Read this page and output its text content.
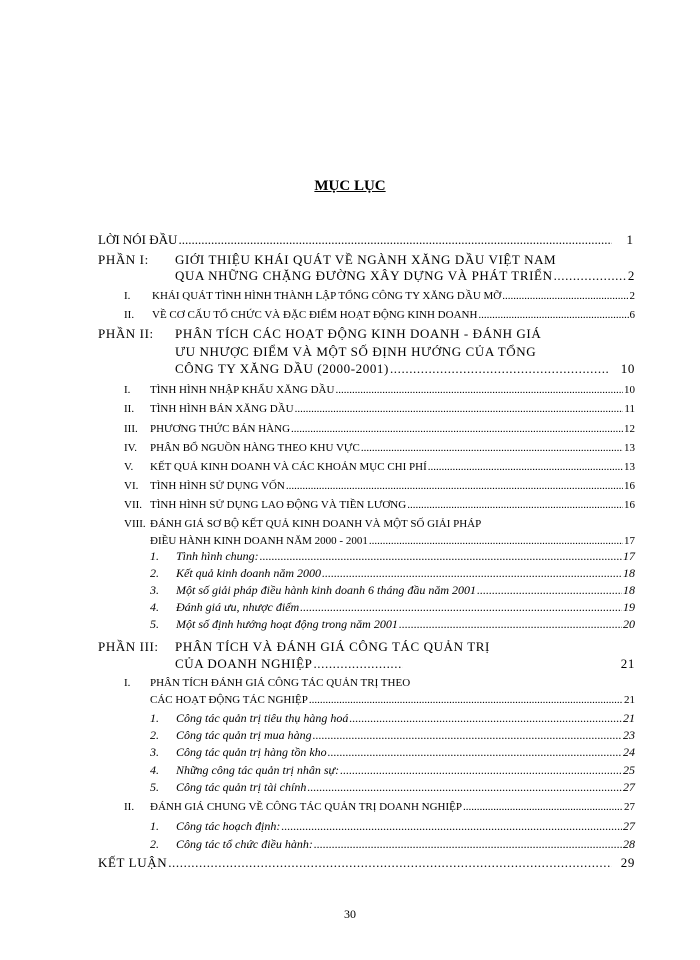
MỤC LỤC
LỜI NÓI ĐẦU .....	1
PHẦN I: GIỚI THIỆU KHÁI QUÁT VỀ NGÀNH XĂNG DẦU VIỆT NAM
QUA NHỮNG CHẶNG ĐƯỜNG XÂY DỰNG VÀ PHÁT TRIỂN .....	2
I.	KHÁI QUÁT TÌNH HÌNH THÀNH LẬP TỔNG CÔNG TY XĂNG DẦU MỠ .....	2
II.	VỀ CƠ CẤU TỔ CHỨC VÀ ĐẶC ĐIỂM HOẠT ĐỘNG KINH DOANH .....	6
PHẦN II: PHÂN TÍCH CÁC HOẠT ĐỘNG KINH DOANH - ĐÁNH GIÁ
ƯU NHƯỢC ĐIỂM VÀ MỘT SỐ ĐỊNH HƯỚNG CỦA TỔNG
CÔNG TY XĂNG DẦU (2000-2001) .....	10
I.	TÌNH HÌNH NHẬP KHẨU XĂNG DẦU .....	10
II.	TÌNH HÌNH BÁN XĂNG DẦU .....	11
III.	PHƯƠNG THỨC BÁN HÀNG .....	12
IV.	PHÂN BỔ NGUỒN HÀNG THEO KHU VỰC .....	13
V.	KẾT QUẢ KINH DOANH VÀ CÁC KHOẢN MỤC CHI PHÍ .....	13
VI.	TÌNH HÌNH SỬ DỤNG VỐN .....	16
VII. TÌNH HÌNH SỬ DỤNG LAO ĐỘNG VÀ TIỀN LƯƠNG .....	16
VIII. ĐÁNH GIÁ SƠ BỘ KẾT QUẢ KINH DOANH VÀ MỘT SỐ GIẢI PHÁP
ĐIỀU HÀNH KINH DOANH NĂM 2000 - 2001 .....	17
1.	Tình hình chung: .....	17
2.	Kết quả kinh doanh năm 2000 .....	18
3.	Một số giải pháp điều hành kinh doanh 6 tháng đầu năm 2001 .....	18
4.	Đánh giá ưu, nhược điểm .....	19
5.	Một số định hướng hoạt động trong năm 2001 .....	20
PHẦN III: PHÂN TÍCH VÀ ĐÁNH GIÁ CÔNG TÁC QUẢN TRỊ
CỦA DOANH NGHIỆP .....	21
I. PHÂN TÍCH ĐÁNH GIÁ CÔNG TÁC QUẢN TRỊ THEO
CÁC HOẠT ĐỘNG TÁC NGHIỆP .....	21
1.	Công tác quản trị tiêu thụ hàng hoá .....	21
2.	Công tác quản trị mua hàng .....	23
3.	Công tác quản trị hàng tồn kho .....	24
4.	Những công tác quản trị nhân sự: .....	25
5.	Công tác quản trị tài chính .....	27
II.	ĐÁNH GIÁ CHUNG VỀ CÔNG TÁC QUẢN TRỊ DOANH NGHIỆP .....	27
1.	Công tác hoạch định: .....	27
2.	Công tác tổ chức điều hành: .....	28
KẾT LUẬN .....	29
30
